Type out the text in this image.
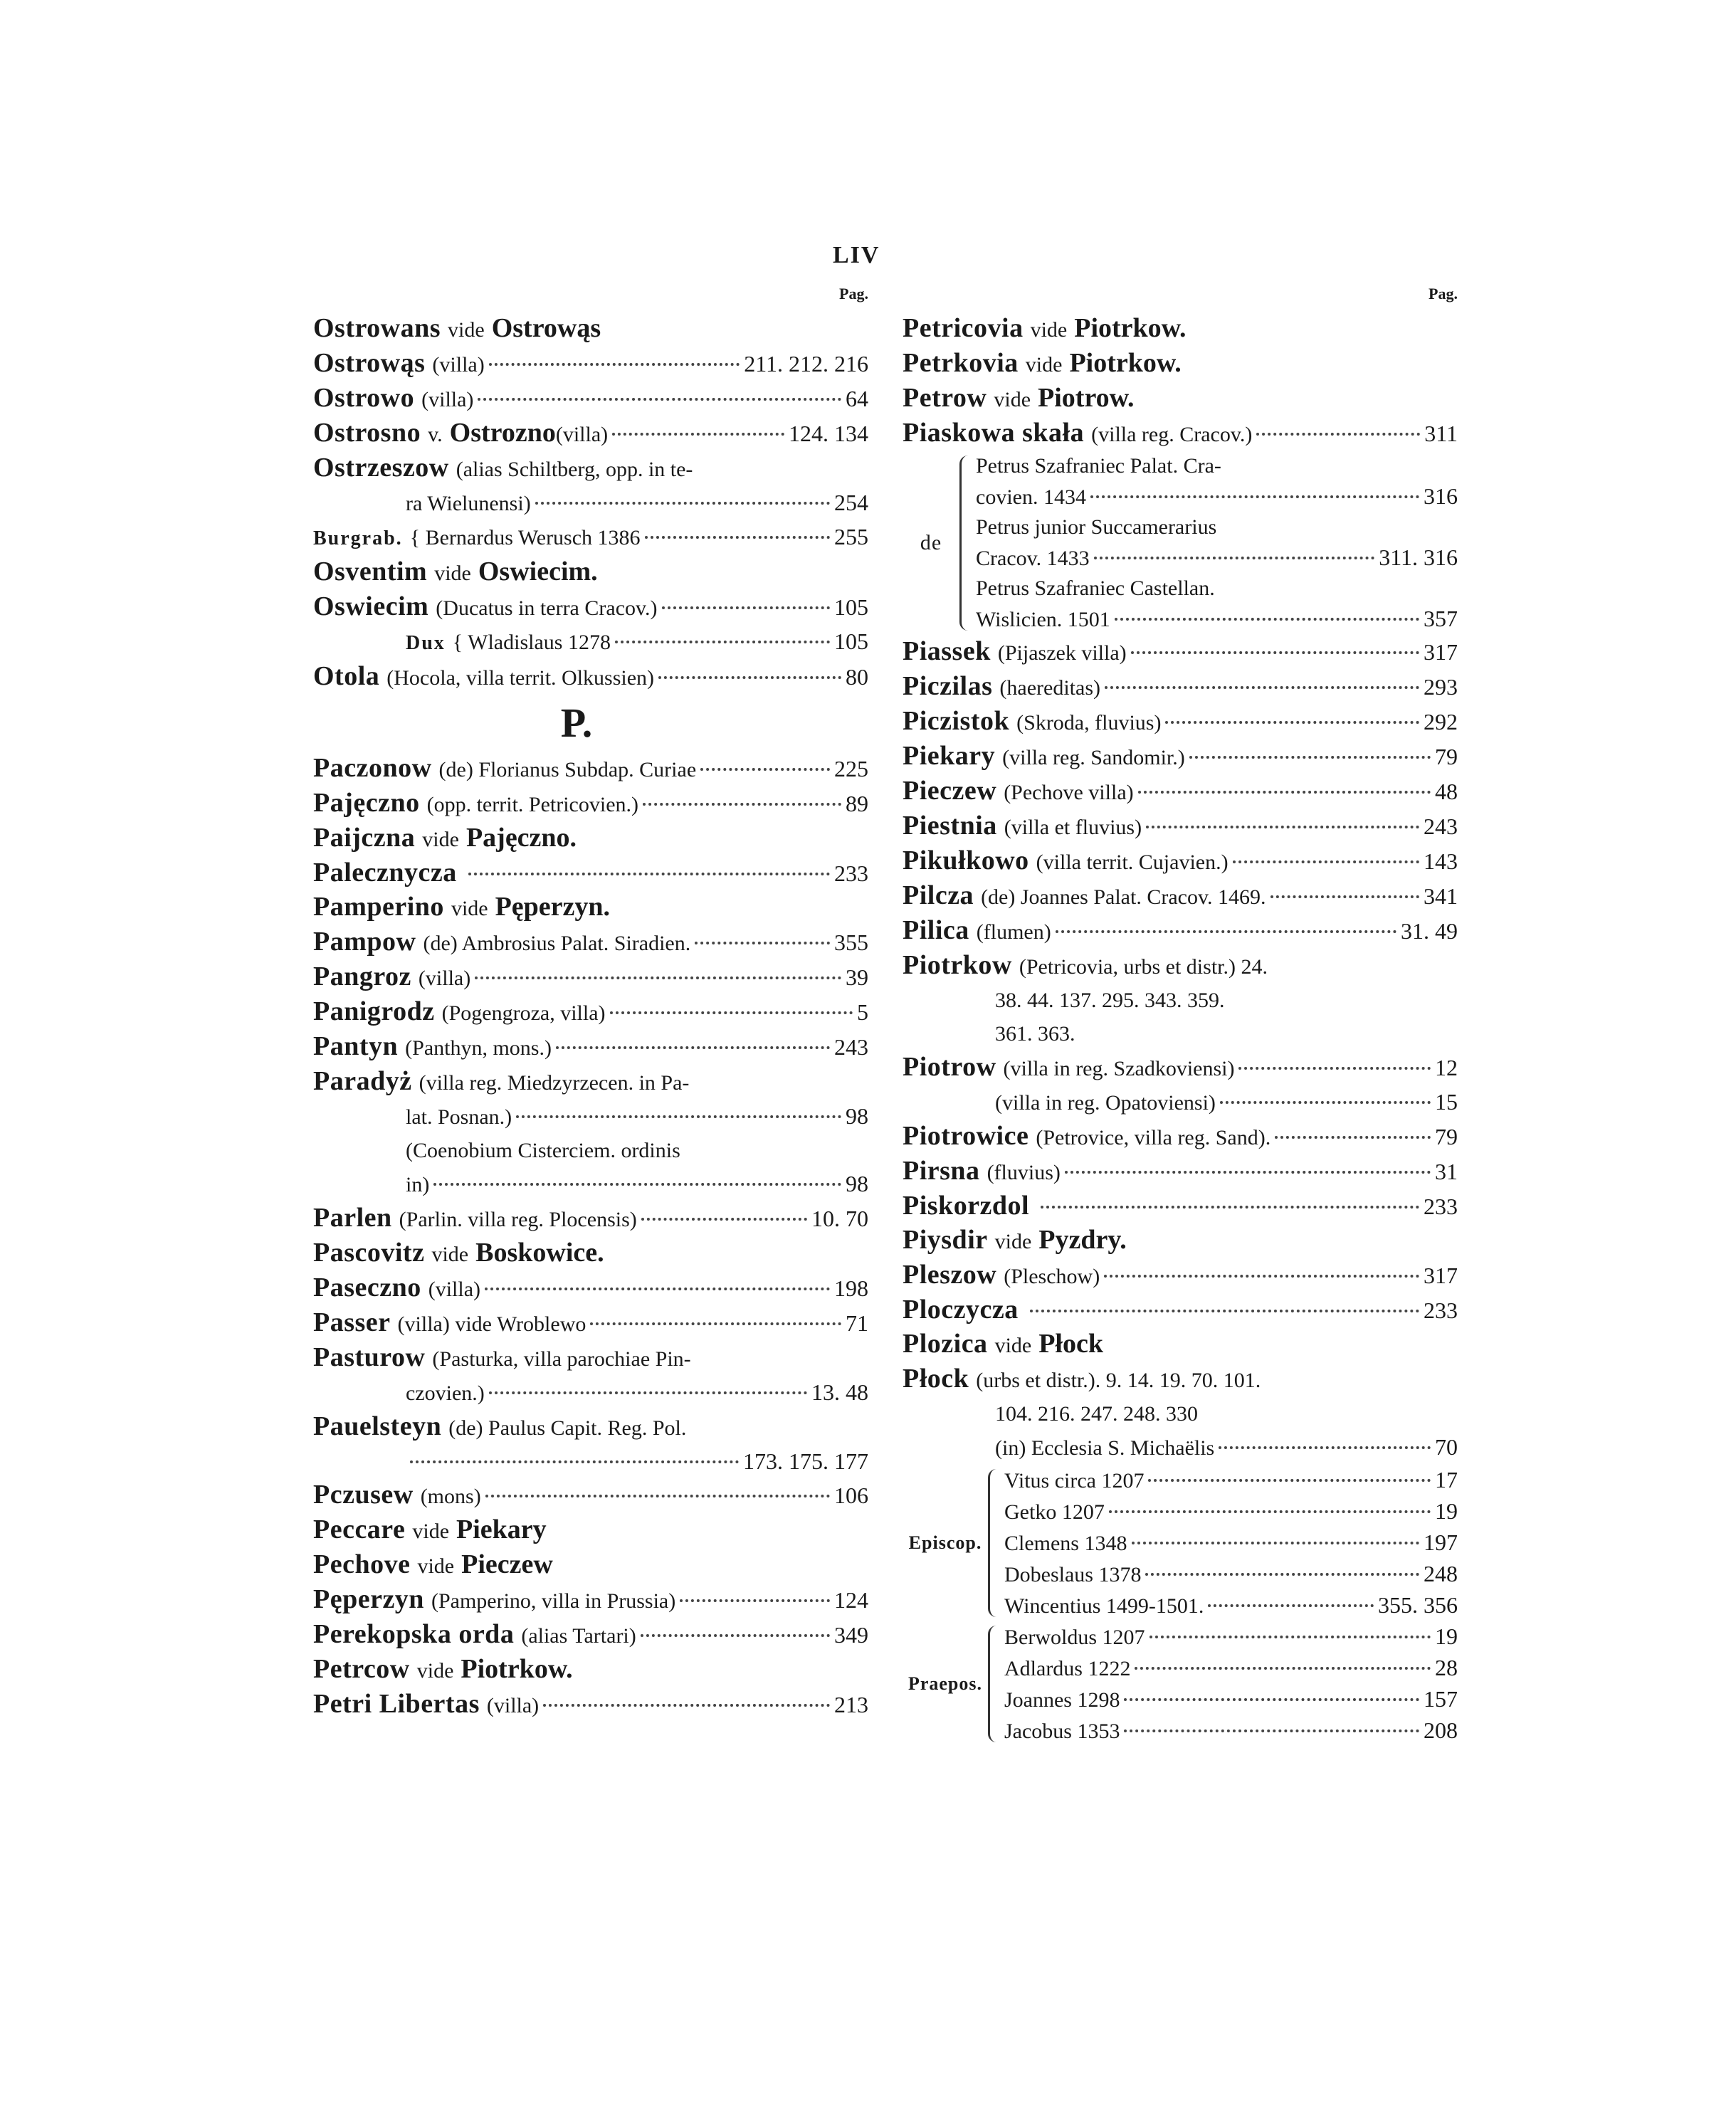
LIV
Pag.
Ostrowans vide Ostrowąs
Ostrowąs (villa)	211. 212. 216
Ostrowo (villa)	64
Ostrosno v. Ostrozno (villa)	124. 134
Ostrzeszow (alias Schiltberg, opp. in te-
ra Wielunensi)	254
Burgrab. { Bernardus Werusch 1386	255
Osventim vide Oswiecim.
Oswiecim (Ducatus in terra Cracov.)	105
Dux { Wladislaus 1278	105
Otola (Hocola, villa territ. Olkussien)	80
P.
Paczonow (de) Florianus Subdap. Curiae	225
Pajęczno (opp. territ. Petricovien.)	89
Paijczna vide Pajęczno.
Palecznycza	233
Pamperino vide Pęperzyn.
Pampow (de) Ambrosius Palat. Siradien.	355
Pangroz (villa)	39
Panigrodz (Pogengroza, villa)	5
Pantyn (Panthyn, mons.)	243
Paradyż (villa reg. Miedzyrzecen. in Pa-
lat. Posnan.)	98
(Coenobium Cisterciem. ordinis
in)	98
Parlen (Parlin. villa reg. Plocensis)	10. 70
Pascovitz vide Boskowice.
Paseczno (villa)	198
Passer (villa) vide Wroblewo	71
Pasturow (Pasturka, villa parochiae Pin-
czovien.)	13. 48
Pauelsteyn (de) Paulus Capit. Reg. Pol.
173. 175. 177
Pczusew (mons)	106
Peccare vide Piekary
Pechove vide Pieczew
Pęperzyn (Pamperino, villa in Prussia)	124
Perekopska orda (alias Tartari)	349
Petrcow vide Piotrkow.
Petri Libertas (villa)	213
Pag.
Petricovia vide Piotrkow.
Petrkovia vide Piotrkow.
Petrow vide Piotrow.
Piaskowa skała (villa reg. Cracov.)	311
de
Petrus Szafraniec Palat. Cra-
covien. 1434	316
Petrus junior Succamerarius
Cracov. 1433	311. 316
Petrus Szafraniec Castellan.
Wislicien. 1501	357
Piassek (Pijaszek villa)	317
Piczilas (haereditas)	293
Piczistok (Skroda, fluvius)	292
Piekary (villa reg. Sandomir.)	79
Pieczew (Pechove villa)	48
Piestnia (villa et fluvius)	243
Pikułkowo (villa territ. Cujavien.)	143
Pilcza (de) Joannes Palat. Cracov. 1469.	341
Pilica (flumen)	31. 49
Piotrkow (Petricovia, urbs et distr.) 24.
38. 44. 137. 295. 343. 359.
361. 363.
Piotrow (villa in reg. Szadkoviensi)	12
(villa in reg. Opatoviensi)	15
Piotrowice (Petrovice, villa reg. Sand).	79
Pirsna (fluvius)	31
Piskorzdol	233
Piysdir vide Pyzdry.
Pleszow (Pleschow)	317
Ploczycza	233
Plozica vide Płock
Płock (urbs et distr.). 9. 14. 19. 70. 101.
104. 216. 247. 248. 330
(in) Ecclesia S. Michaëlis	70
Episcop.
Vitus circa 1207	17
Getko 1207	19
Clemens 1348	197
Dobeslaus 1378	248
Wincentius 1499-1501.	355. 356
Praepos.
Berwoldus 1207	19
Adlardus 1222	28
Joannes 1298	157
Jacobus 1353	208
